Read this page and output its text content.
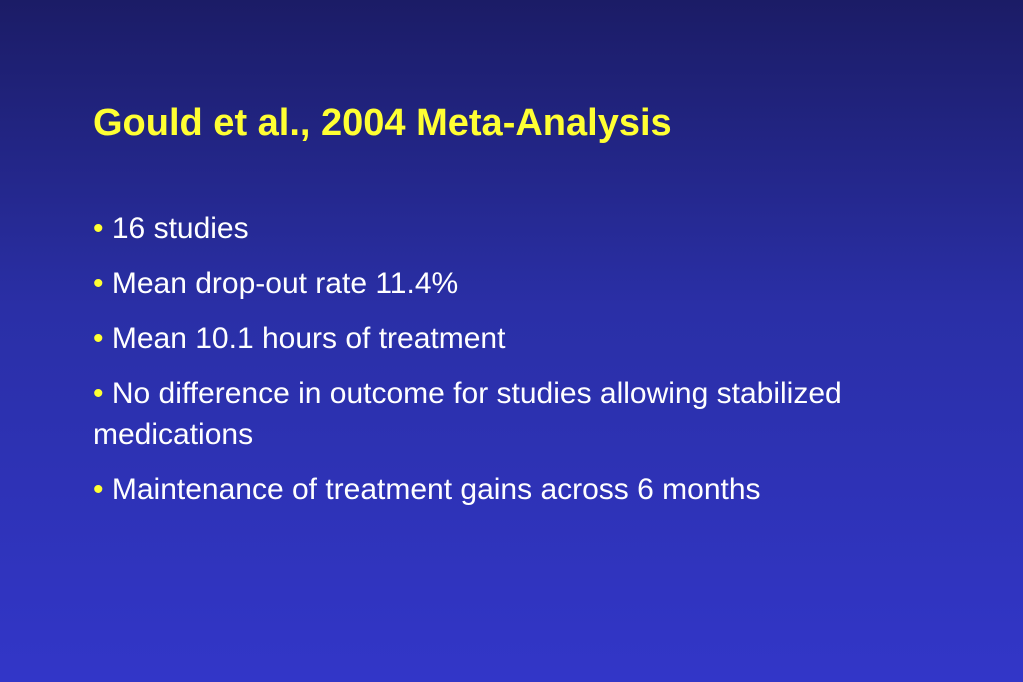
Gould et al., 2004 Meta-Analysis
• 16 studies
• Mean drop-out rate 11.4%
• Mean 10.1 hours of treatment
• No difference in outcome for studies allowing stabilized medications
• Maintenance of treatment gains across 6 months
